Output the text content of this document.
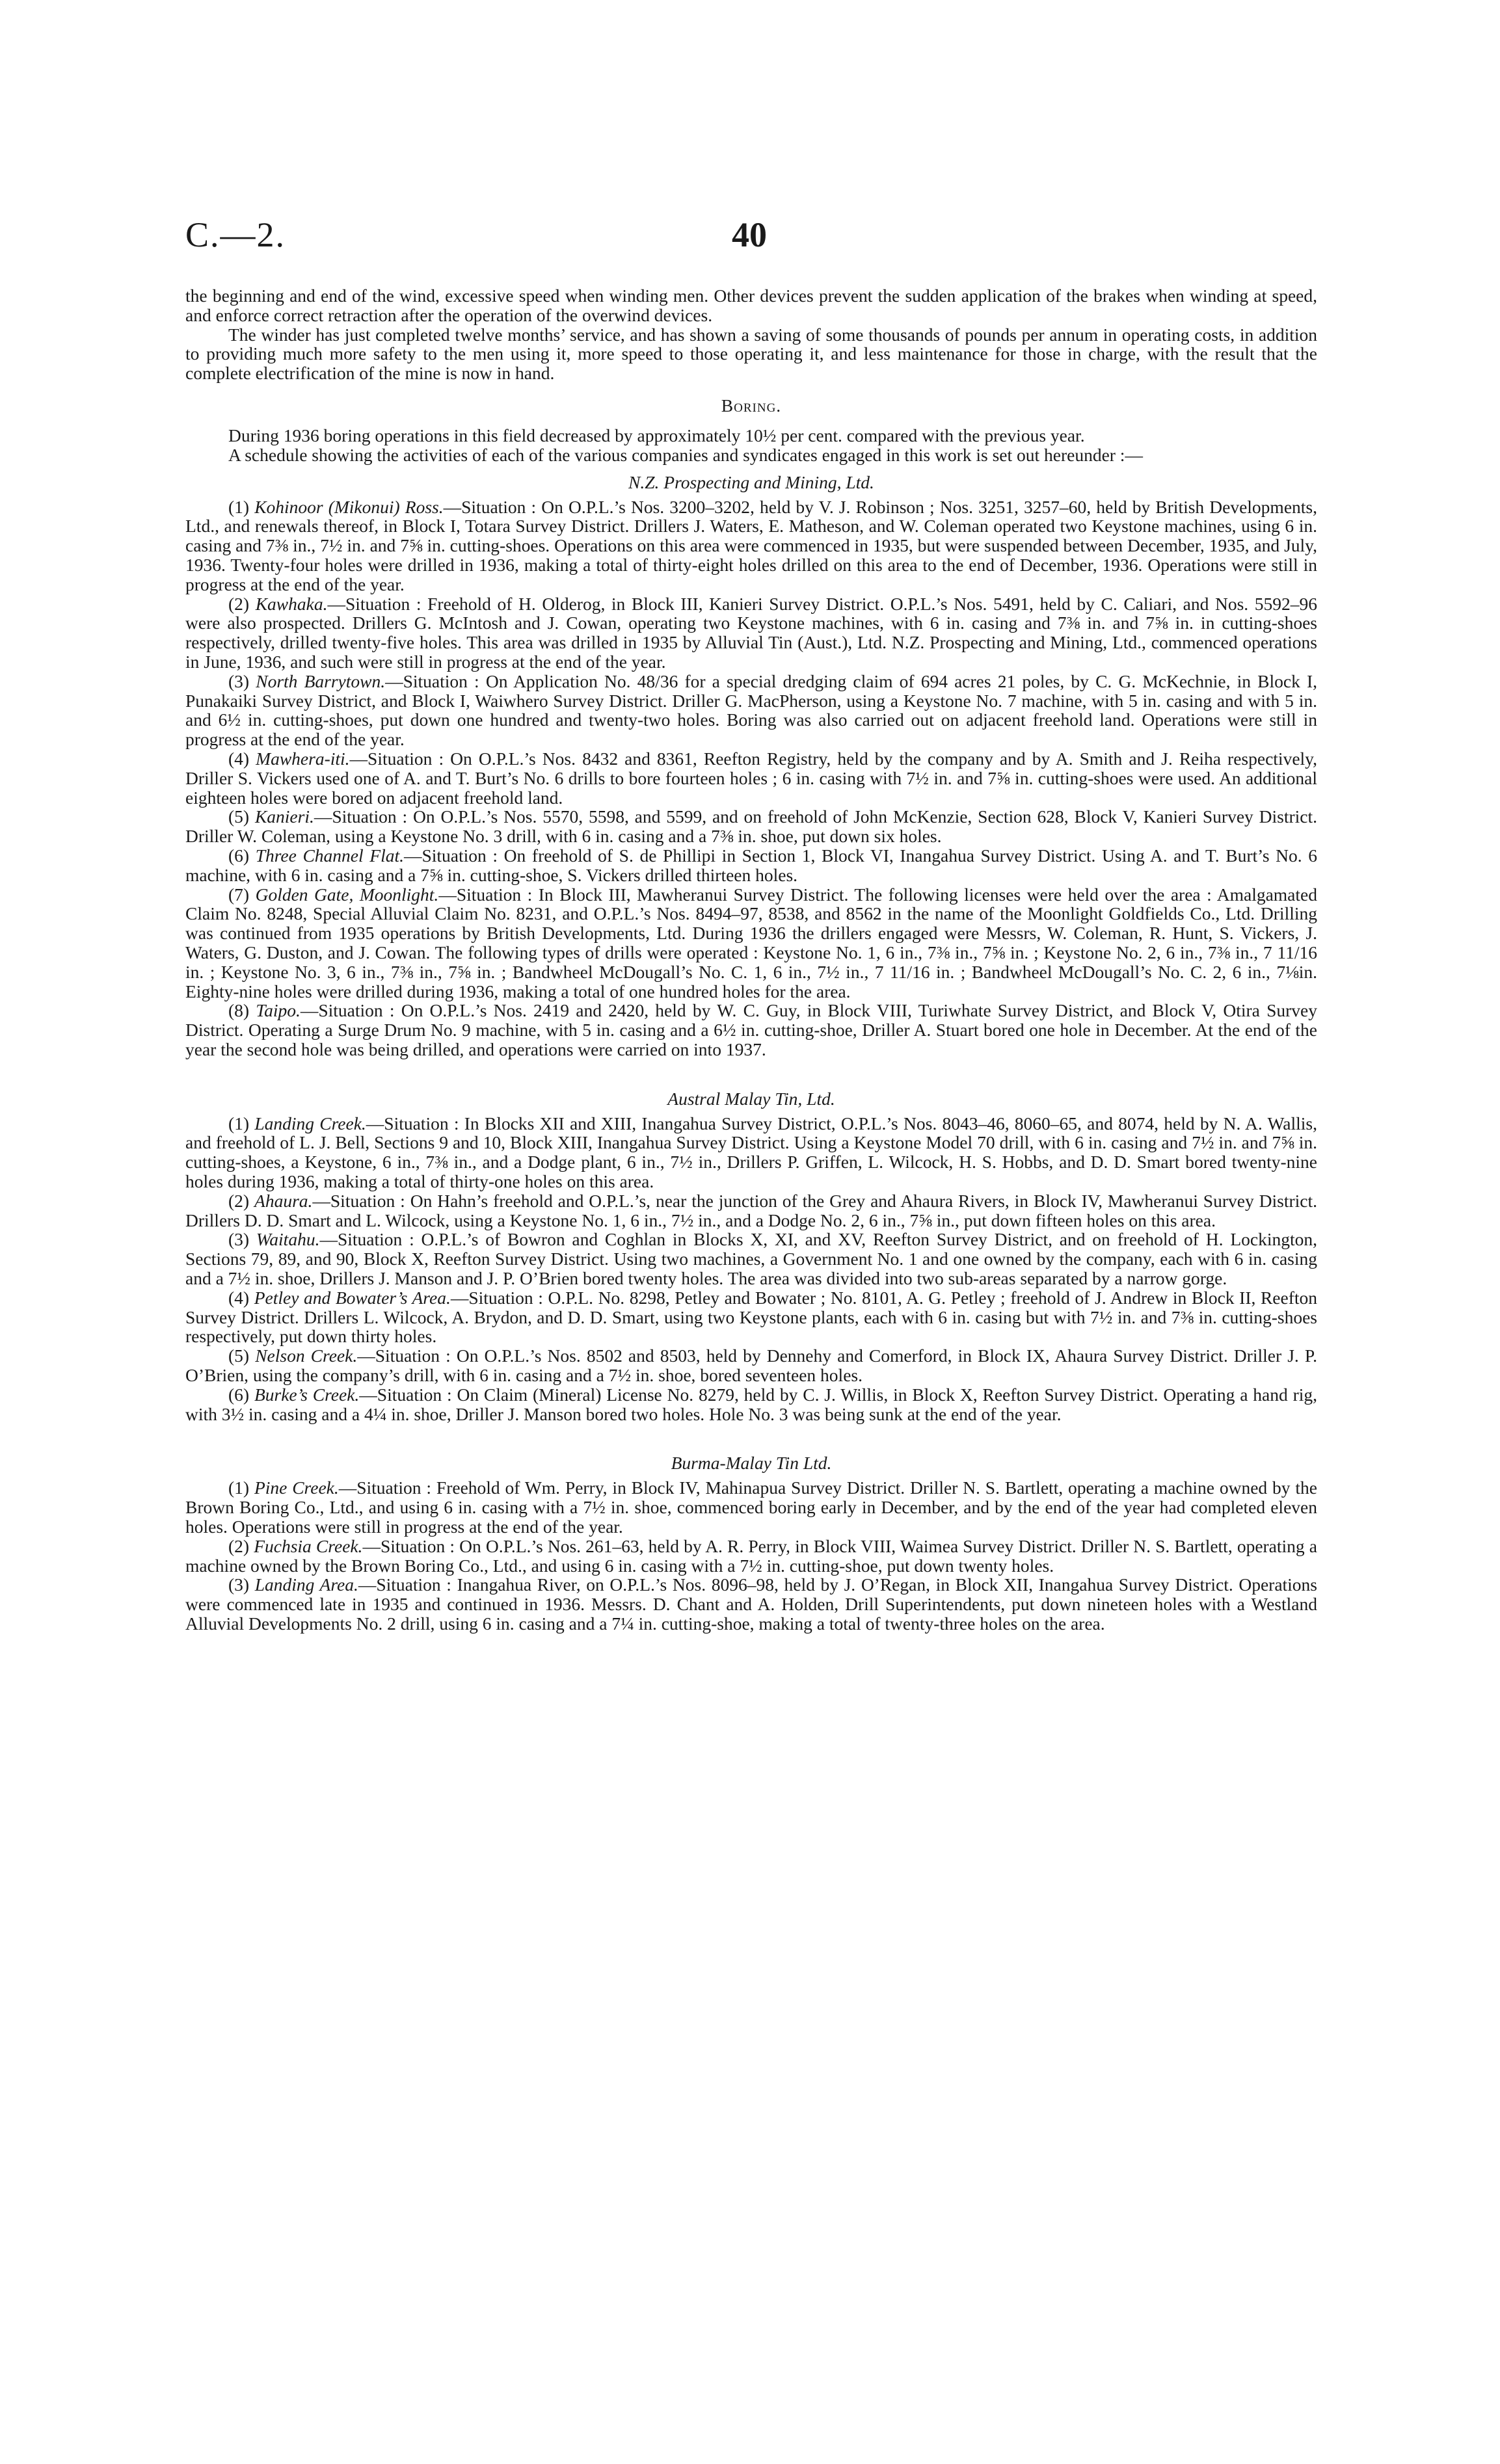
C.—2.	40

the beginning and end of the wind, excessive speed when winding men. Other devices prevent the sudden application of the brakes when winding at speed, and enforce correct retraction after the operation of the overwind devices.

The winder has just completed twelve months’ service, and has shown a saving of some thousands of pounds per annum in operating costs, in addition to providing much more safety to the men using it, more speed to those operating it, and less maintenance for those in charge, with the result that the complete electrification of the mine is now in hand.

Boring.

During 1936 boring operations in this field decreased by approximately 10½ per cent. compared with the previous year.

A schedule showing the activities of each of the various companies and syndicates engaged in this work is set out hereunder :—

N.Z. Prospecting and Mining, Ltd.

(1) Kohinoor (Mikonui) Ross.—Situation : On O.P.L.’s Nos. 3200–3202, held by V. J. Robinson ; Nos. 3251, 3257–60, held by British Developments, Ltd., and renewals thereof, in Block I, Totara Survey District. Drillers J. Waters, E. Matheson, and W. Coleman operated two Keystone machines, using 6 in. casing and 7⅜ in., 7½ in. and 7⅝ in. cutting-shoes. Operations on this area were commenced in 1935, but were suspended between December, 1935, and July, 1936. Twenty-four holes were drilled in 1936, making a total of thirty-eight holes drilled on this area to the end of December, 1936. Operations were still in progress at the end of the year.

(2) Kawhaka.—Situation : Freehold of H. Olderog, in Block III, Kanieri Survey District. O.P.L.’s Nos. 5491, held by C. Caliari, and Nos. 5592–96 were also prospected. Drillers G. McIntosh and J. Cowan, operating two Keystone machines, with 6 in. casing and 7⅜ in. and 7⅝ in. in cutting-shoes respectively, drilled twenty-five holes. This area was drilled in 1935 by Alluvial Tin (Aust.), Ltd. N.Z. Prospecting and Mining, Ltd., commenced operations in June, 1936, and such were still in progress at the end of the year.

(3) North Barrytown.—Situation : On Application No. 48/36 for a special dredging claim of 694 acres 21 poles, by C. G. McKechnie, in Block I, Punakaiki Survey District, and Block I, Waiwhero Survey District. Driller G. MacPherson, using a Keystone No. 7 machine, with 5 in. casing and with 5 in. and 6½ in. cutting-shoes, put down one hundred and twenty-two holes. Boring was also carried out on adjacent freehold land. Operations were still in progress at the end of the year.

(4) Mawhera-iti.—Situation : On O.P.L.’s Nos. 8432 and 8361, Reefton Registry, held by the company and by A. Smith and J. Reiha respectively, Driller S. Vickers used one of A. and T. Burt’s No. 6 drills to bore fourteen holes ; 6 in. casing with 7½ in. and 7⅝ in. cutting-shoes were used. An additional eighteen holes were bored on adjacent freehold land.

(5) Kanieri.—Situation : On O.P.L.’s Nos. 5570, 5598, and 5599, and on freehold of John McKenzie, Section 628, Block V, Kanieri Survey District. Driller W. Coleman, using a Keystone No. 3 drill, with 6 in. casing and a 7⅜ in. shoe, put down six holes.

(6) Three Channel Flat.—Situation : On freehold of S. de Phillipi in Section 1, Block VI, Inangahua Survey District. Using A. and T. Burt’s No. 6 machine, with 6 in. casing and a 7⅝ in. cutting-shoe, S. Vickers drilled thirteen holes.

(7) Golden Gate, Moonlight.—Situation : In Block III, Mawheranui Survey District. The following licenses were held over the area : Amalgamated Claim No. 8248, Special Alluvial Claim No. 8231, and O.P.L.’s Nos. 8494–97, 8538, and 8562 in the name of the Moonlight Goldfields Co., Ltd. Drilling was continued from 1935 operations by British Developments, Ltd. During 1936 the drillers engaged were Messrs, W. Coleman, R. Hunt, S. Vickers, J. Waters, G. Duston, and J. Cowan. The following types of drills were operated : Keystone No. 1, 6 in., 7⅜ in., 7⅝ in. ; Keystone No. 2, 6 in., 7⅜ in., 7 11/16 in. ; Keystone No. 3, 6 in., 7⅜ in., 7⅝ in. ; Bandwheel McDougall’s No. C. 1, 6 in., 7½ in., 7 11/16 in. ; Bandwheel McDougall’s No. C. 2, 6 in., 7⅛in. Eighty-nine holes were drilled during 1936, making a total of one hundred holes for the area.

(8) Taipo.—Situation : On O.P.L.’s Nos. 2419 and 2420, held by W. C. Guy, in Block VIII, Turiwhate Survey District, and Block V, Otira Survey District. Operating a Surge Drum No. 9 machine, with 5 in. casing and a 6½ in. cutting-shoe, Driller A. Stuart bored one hole in December. At the end of the year the second hole was being drilled, and operations were carried on into 1937.

Austral Malay Tin, Ltd.

(1) Landing Creek.—Situation : In Blocks XII and XIII, Inangahua Survey District, O.P.L.’s Nos. 8043–46, 8060–65, and 8074, held by N. A. Wallis, and freehold of L. J. Bell, Sections 9 and 10, Block XIII, Inangahua Survey District. Using a Keystone Model 70 drill, with 6 in. casing and 7½ in. and 7⅝ in. cutting-shoes, a Keystone, 6 in., 7⅜ in., and a Dodge plant, 6 in., 7½ in., Drillers P. Griffen, L. Wilcock, H. S. Hobbs, and D. D. Smart bored twenty-nine holes during 1936, making a total of thirty-one holes on this area.

(2) Ahaura.—Situation : On Hahn’s freehold and O.P.L.’s, near the junction of the Grey and Ahaura Rivers, in Block IV, Mawheranui Survey District. Drillers D. D. Smart and L. Wilcock, using a Keystone No. 1, 6 in., 7½ in., and a Dodge No. 2, 6 in., 7⅝ in., put down fifteen holes on this area.

(3) Waitahu.—Situation : O.P.L.’s of Bowron and Coghlan in Blocks X, XI, and XV, Reefton Survey District, and on freehold of H. Lockington, Sections 79, 89, and 90, Block X, Reefton Survey District. Using two machines, a Government No. 1 and one owned by the company, each with 6 in. casing and a 7½ in. shoe, Drillers J. Manson and J. P. O’Brien bored twenty holes. The area was divided into two sub-areas separated by a narrow gorge.

(4) Petley and Bowater’s Area.—Situation : O.P.L. No. 8298, Petley and Bowater ; No. 8101, A. G. Petley ; freehold of J. Andrew in Block II, Reefton Survey District. Drillers L. Wilcock, A. Brydon, and D. D. Smart, using two Keystone plants, each with 6 in. casing but with 7½ in. and 7⅜ in. cutting-shoes respectively, put down thirty holes.

(5) Nelson Creek.—Situation : On O.P.L.’s Nos. 8502 and 8503, held by Dennehy and Comerford, in Block IX, Ahaura Survey District. Driller J. P. O’Brien, using the company’s drill, with 6 in. casing and a 7½ in. shoe, bored seventeen holes.

(6) Burke’s Creek.—Situation : On Claim (Mineral) License No. 8279, held by C. J. Willis, in Block X, Reefton Survey District. Operating a hand rig, with 3½ in. casing and a 4¼ in. shoe, Driller J. Manson bored two holes. Hole No. 3 was being sunk at the end of the year.

Burma-Malay Tin Ltd.

(1) Pine Creek.—Situation : Freehold of Wm. Perry, in Block IV, Mahinapua Survey District. Driller N. S. Bartlett, operating a machine owned by the Brown Boring Co., Ltd., and using 6 in. casing with a 7½ in. shoe, commenced boring early in December, and by the end of the year had completed eleven holes. Operations were still in progress at the end of the year.

(2) Fuchsia Creek.—Situation : On O.P.L.’s Nos. 261–63, held by A. R. Perry, in Block VIII, Waimea Survey District. Driller N. S. Bartlett, operating a machine owned by the Brown Boring Co., Ltd., and using 6 in. casing with a 7½ in. cutting-shoe, put down twenty holes.

(3) Landing Area.—Situation : Inangahua River, on O.P.L.’s Nos. 8096–98, held by J. O’Regan, in Block XII, Inangahua Survey District. Operations were commenced late in 1935 and continued in 1936. Messrs. D. Chant and A. Holden, Drill Superintendents, put down nineteen holes with a Westland Alluvial Developments No. 2 drill, using 6 in. casing and a 7¼ in. cutting-shoe, making a total of twenty-three holes on the area.
